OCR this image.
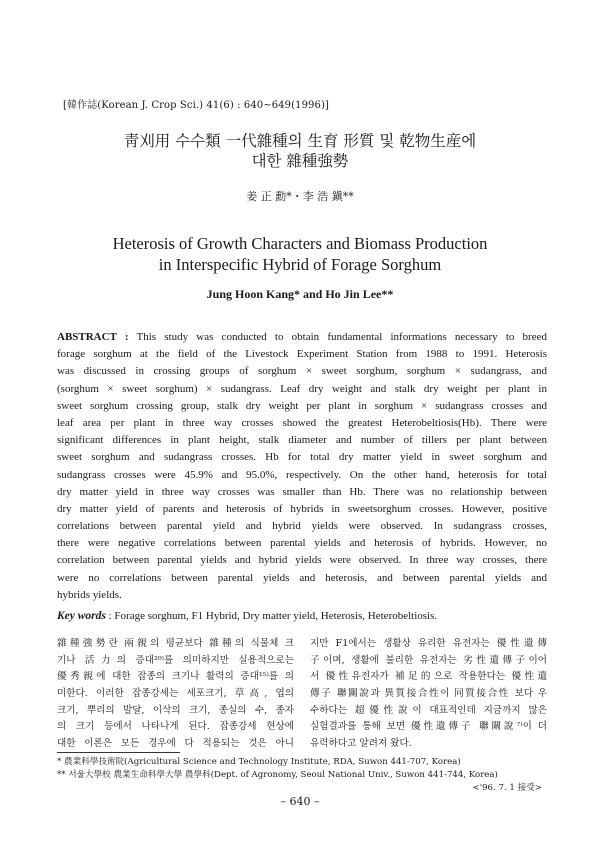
[韓作誌(Korean J. Crop Sci.) 41(6) : 640~649(1996)]
靑刈用 수수類 一代雜種의 生育 形質 및 乾物生産에
대한 雜種強勢
姜 正 勳*・李 浩 鎭**
Heterosis of Growth Characters and Biomass Production
in Interspecific Hybrid of Forage Sorghum
Jung Hoon Kang* and Ho Jin Lee**
ABSTRACT : This study was conducted to obtain fundamental informations necessary to breed
forage sorghum at the field of the Livestock Experiment Station from 1988 to 1991. Heterosis
was discussed in crossing groups of sorghum × sweet sorghum, sorghum × sudangrass, and
(sorghum × sweet sorghum) × sudangrass. Leaf dry weight and stalk dry weight per plant in
sweet sorghum crossing group, stalk dry weight per plant in sorghum × sudangrass crosses and
leaf area per plant in three way crosses showed the greatest Heterobeltiosis(Hb). There were
significant differences in plant height, stalk diameter and number of tillers per plant between
sweet sorghum and sudangrass crosses. Hb for total dry matter yield in sweet sorghum and
sudangrass crosses were 45.9% and 95.0%, respectively. On the other hand, heterosis for total
dry matter yield in three way crosses was smaller than Hb. There was no relationship between
dry matter yield of parents and heterosis of hybrids in sweetsorghum crosses. However, positive
correlations between parental yield and hybrid yields were observed. In sudangrass crosses,
there were negative correlations between parental yields and heterosis of hybrids. However, no
correlation between parental yields and hybrid yields were observed. In three way crosses, there
were no correlations between parental yields and heterosis, and between parental yields and
hybrids yields.
Key words : Forage sorghum, F1 Hybrid, Dry matter yield, Heterosis, Heterobeltiosis.
雜種強勢란 兩親의 평균보다 雜種의 식물체 크
기나 活力의 증대²⁰⁾를 의미하지만 실용적으로는
優秀親에 대한 잡종의 크기나 활력의 증대¹⁵⁾를 의
미한다. 이러한 잡종강세는 세포크기, 草高, 엽의
크기, 뿌리의 발달, 이삭의 크기, 종실의 수, 종자
의 크기 등에서 나타나게 된다. 잡종강세 현상에
대한 이론은 모든 경우에 다 적용되는 것은 아니
지만 F1에서는 생활상 유리한 유전자는 優性遺傳
子이며, 생활에 불리한 유전자는 劣性遺傳子이어
서 優性유전자가 補足的으로 작용한다는 優性遺
傳子 聯關說과 異質接合性이 同質接合性 보다 우
수하다는 超優性說이 대표적인데 지금까지 많은
실험결과를 통해 보면 優性遺傳子 聯關說⁷⁾이 더
유력하다고 알려져 왔다.
* 農業科學技術院(Agricultural Science and Technology Institute, RDA, Suwon 441-707, Korea)
** 서울大學校 農業生命科學大學 農學科(Dept. of Agronomy, Seoul National Univ., Suwon 441-744, Korea)
<'96. 7. 1 接受>
– 640 –
